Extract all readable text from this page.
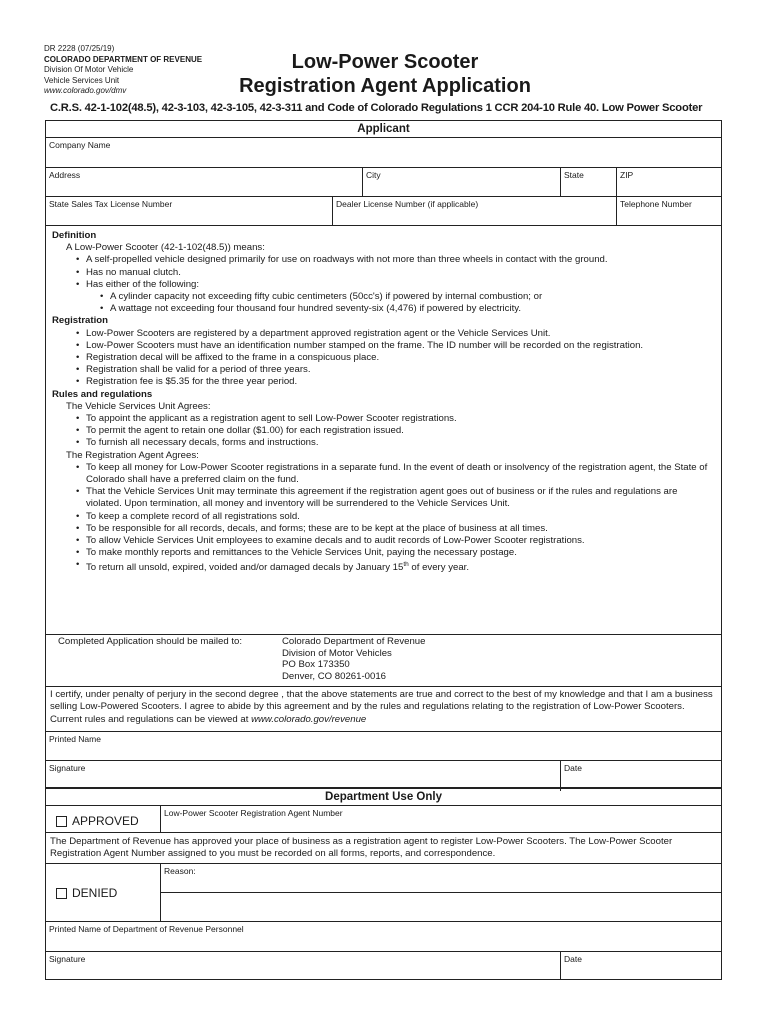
DR 2228 (07/25/19)
COLORADO DEPARTMENT OF REVENUE
Division Of Motor Vehicle
Vehicle Services Unit
www.colorado.gov/dmv
Low-Power Scooter
Registration Agent Application
C.R.S. 42-1-102(48.5), 42-3-103, 42-3-105, 42-3-311 and Code of Colorado Regulations 1 CCR 204-10 Rule 40. Low Power Scooter
Applicant
Company Name
Address	City	State	ZIP
State Sales Tax License Number	Dealer License Number (if applicable)	Telephone Number
Definition
A Low-Power Scooter (42-1-102(48.5)) means:
• A self-propelled vehicle designed primarily for use on roadways with not more than three wheels in contact with the ground.
• Has no manual clutch.
• Has either of the following:
• A cylinder capacity not exceeding fifty cubic centimeters (50cc's) if powered by internal combustion; or
• A wattage not exceeding four thousand four hundred seventy-six (4,476) if powered by electricity.
Registration
• Low-Power Scooters are registered by a department approved registration agent or the Vehicle Services Unit.
• Low-Power Scooters must have an identification number stamped on the frame. The ID number will be recorded on the registration.
• Registration decal will be affixed to the frame in a conspicuous place.
• Registration shall be valid for a period of three years.
• Registration fee is $5.35 for the three year period.
Rules and regulations
The Vehicle Services Unit Agrees:
• To appoint the applicant as a registration agent to sell Low-Power Scooter registrations.
• To permit the agent to retain one dollar ($1.00) for each registration issued.
• To furnish all necessary decals, forms and instructions.
The Registration Agent Agrees:
• To keep all money for Low-Power Scooter registrations in a separate fund. In the event of death or insolvency of the registration agent, the State of Colorado shall have a preferred claim on the fund.
• That the Vehicle Services Unit may terminate this agreement if the registration agent goes out of business or if the rules and regulations are violated. Upon termination, all money and inventory will be surrendered to the Vehicle Services Unit.
• To keep a complete record of all registrations sold.
• To be responsible for all records, decals, and forms; these are to be kept at the place of business at all times.
• To allow Vehicle Services Unit employees to examine decals and to audit records of Low-Power Scooter registrations.
• To make monthly reports and remittances to the Vehicle Services Unit, paying the necessary postage.
• To return all unsold, expired, voided and/or damaged decals by January 15th of every year.
Completed Application should be mailed to:	Colorado Department of Revenue
Division of Motor Vehicles
PO Box 173350
Denver, CO 80261-0016
I certify, under penalty of perjury in the second degree , that the above statements are true and correct to the best of my knowledge and that I am a business selling Low-Powered Scooters. I agree to abide by this agreement and by the rules and regulations relating to the registration of Low-Power Scooters. Current rules and regulations can be viewed at www.colorado.gov/revenue
Printed Name
Signature	Date
Department Use Only
APPROVED
Low-Power Scooter Registration Agent Number
The Department of Revenue has approved your place of business as a registration agent to register Low-Power Scooters. The Low-Power Scooter Registration Agent Number assigned to you must be recorded on all forms, reports, and correspondence.
DENIED
Reason:
Printed Name of Department of Revenue Personnel
Signature	Date
